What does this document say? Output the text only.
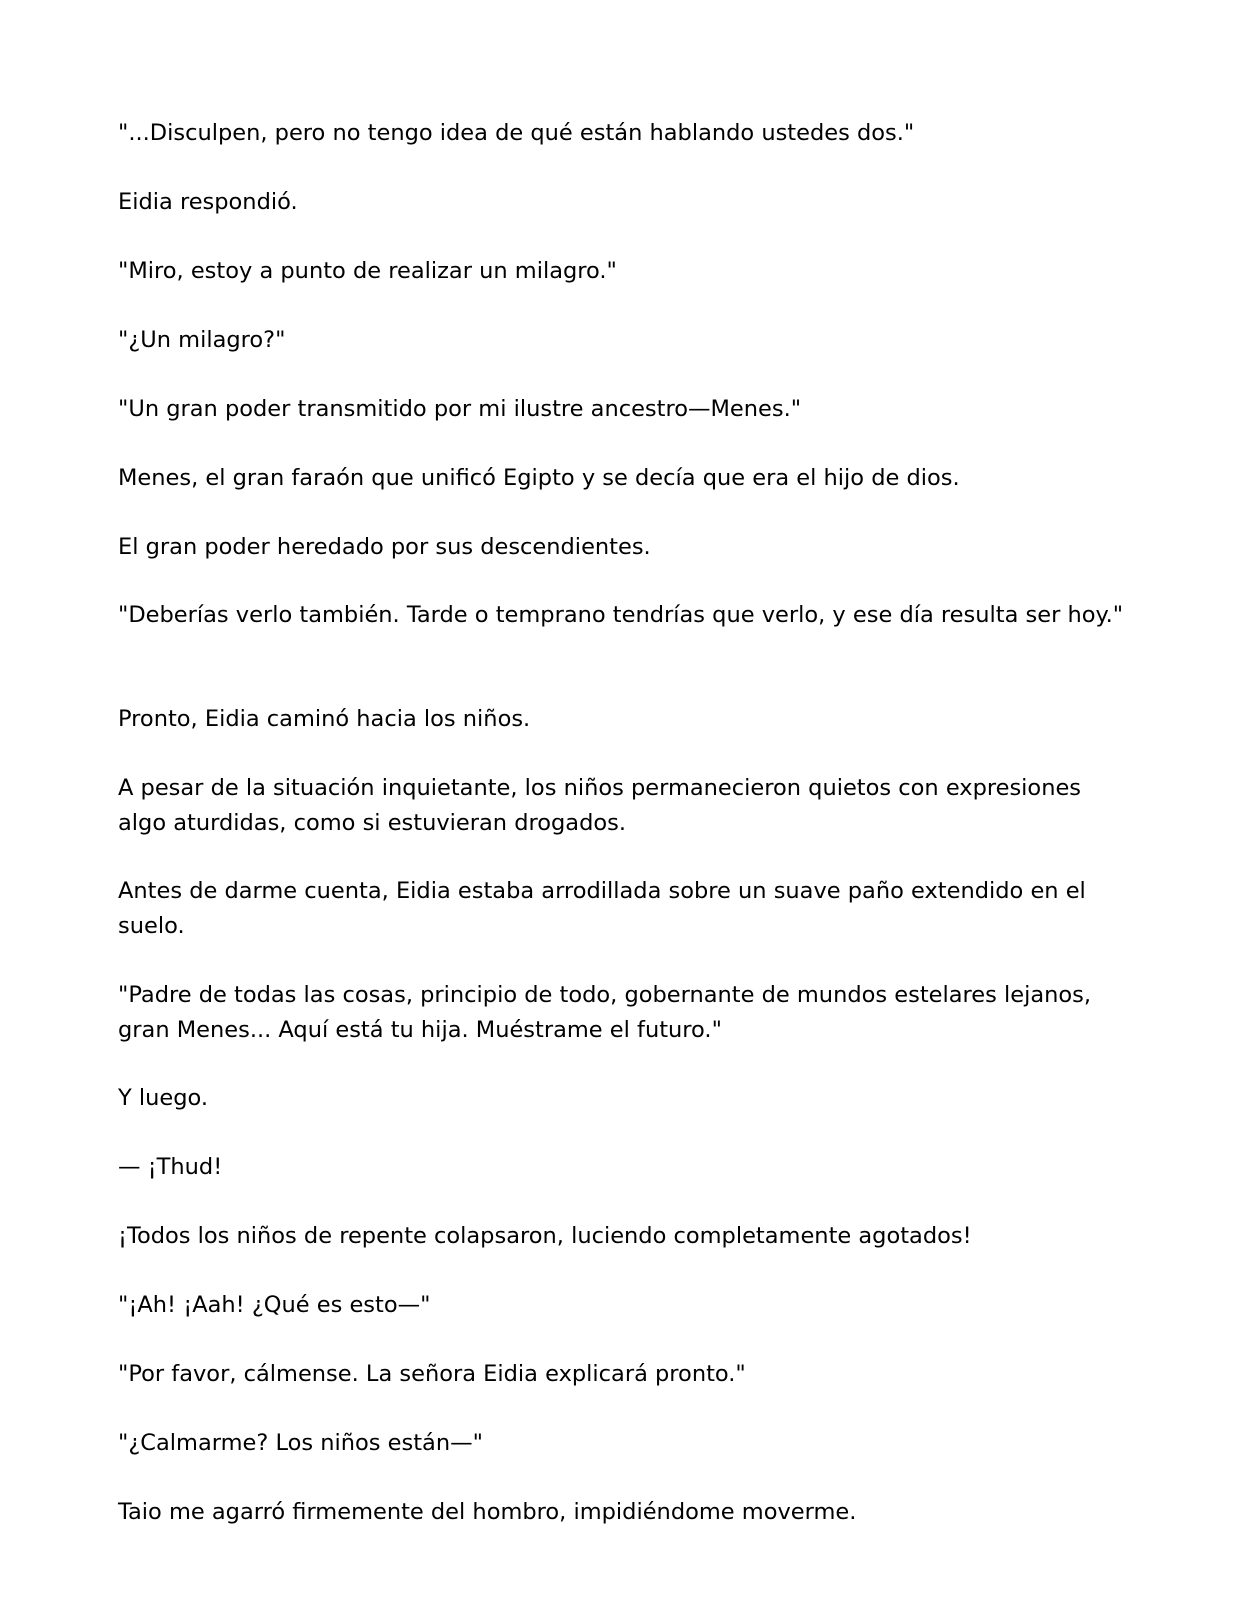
"...Disculpen, pero no tengo idea de qué están hablando ustedes dos."

Eidia respondió.

"Miro, estoy a punto de realizar un milagro."

"¿Un milagro?"

"Un gran poder transmitido por mi ilustre ancestro—Menes."

Menes, el gran faraón que unificó Egipto y se decía que era el hijo de dios.

El gran poder heredado por sus descendientes.

"Deberías verlo también. Tarde o temprano tendrías que verlo, y ese día resulta ser hoy."

Pronto, Eidia caminó hacia los niños.

A pesar de la situación inquietante, los niños permanecieron quietos con expresiones algo aturdidas, como si estuvieran drogados.

Antes de darme cuenta, Eidia estaba arrodillada sobre un suave paño extendido en el suelo.

"Padre de todas las cosas, principio de todo, gobernante de mundos estelares lejanos, gran Menes... Aquí está tu hija. Muéstrame el futuro."

Y luego.

— ¡Thud!

¡Todos los niños de repente colapsaron, luciendo completamente agotados!

"¡Ah! ¡Aah! ¿Qué es esto—"

"Por favor, cálmense. La señora Eidia explicará pronto."

"¿Calmarme? Los niños están—"

Taio me agarró firmemente del hombro, impidiéndome moverme.
